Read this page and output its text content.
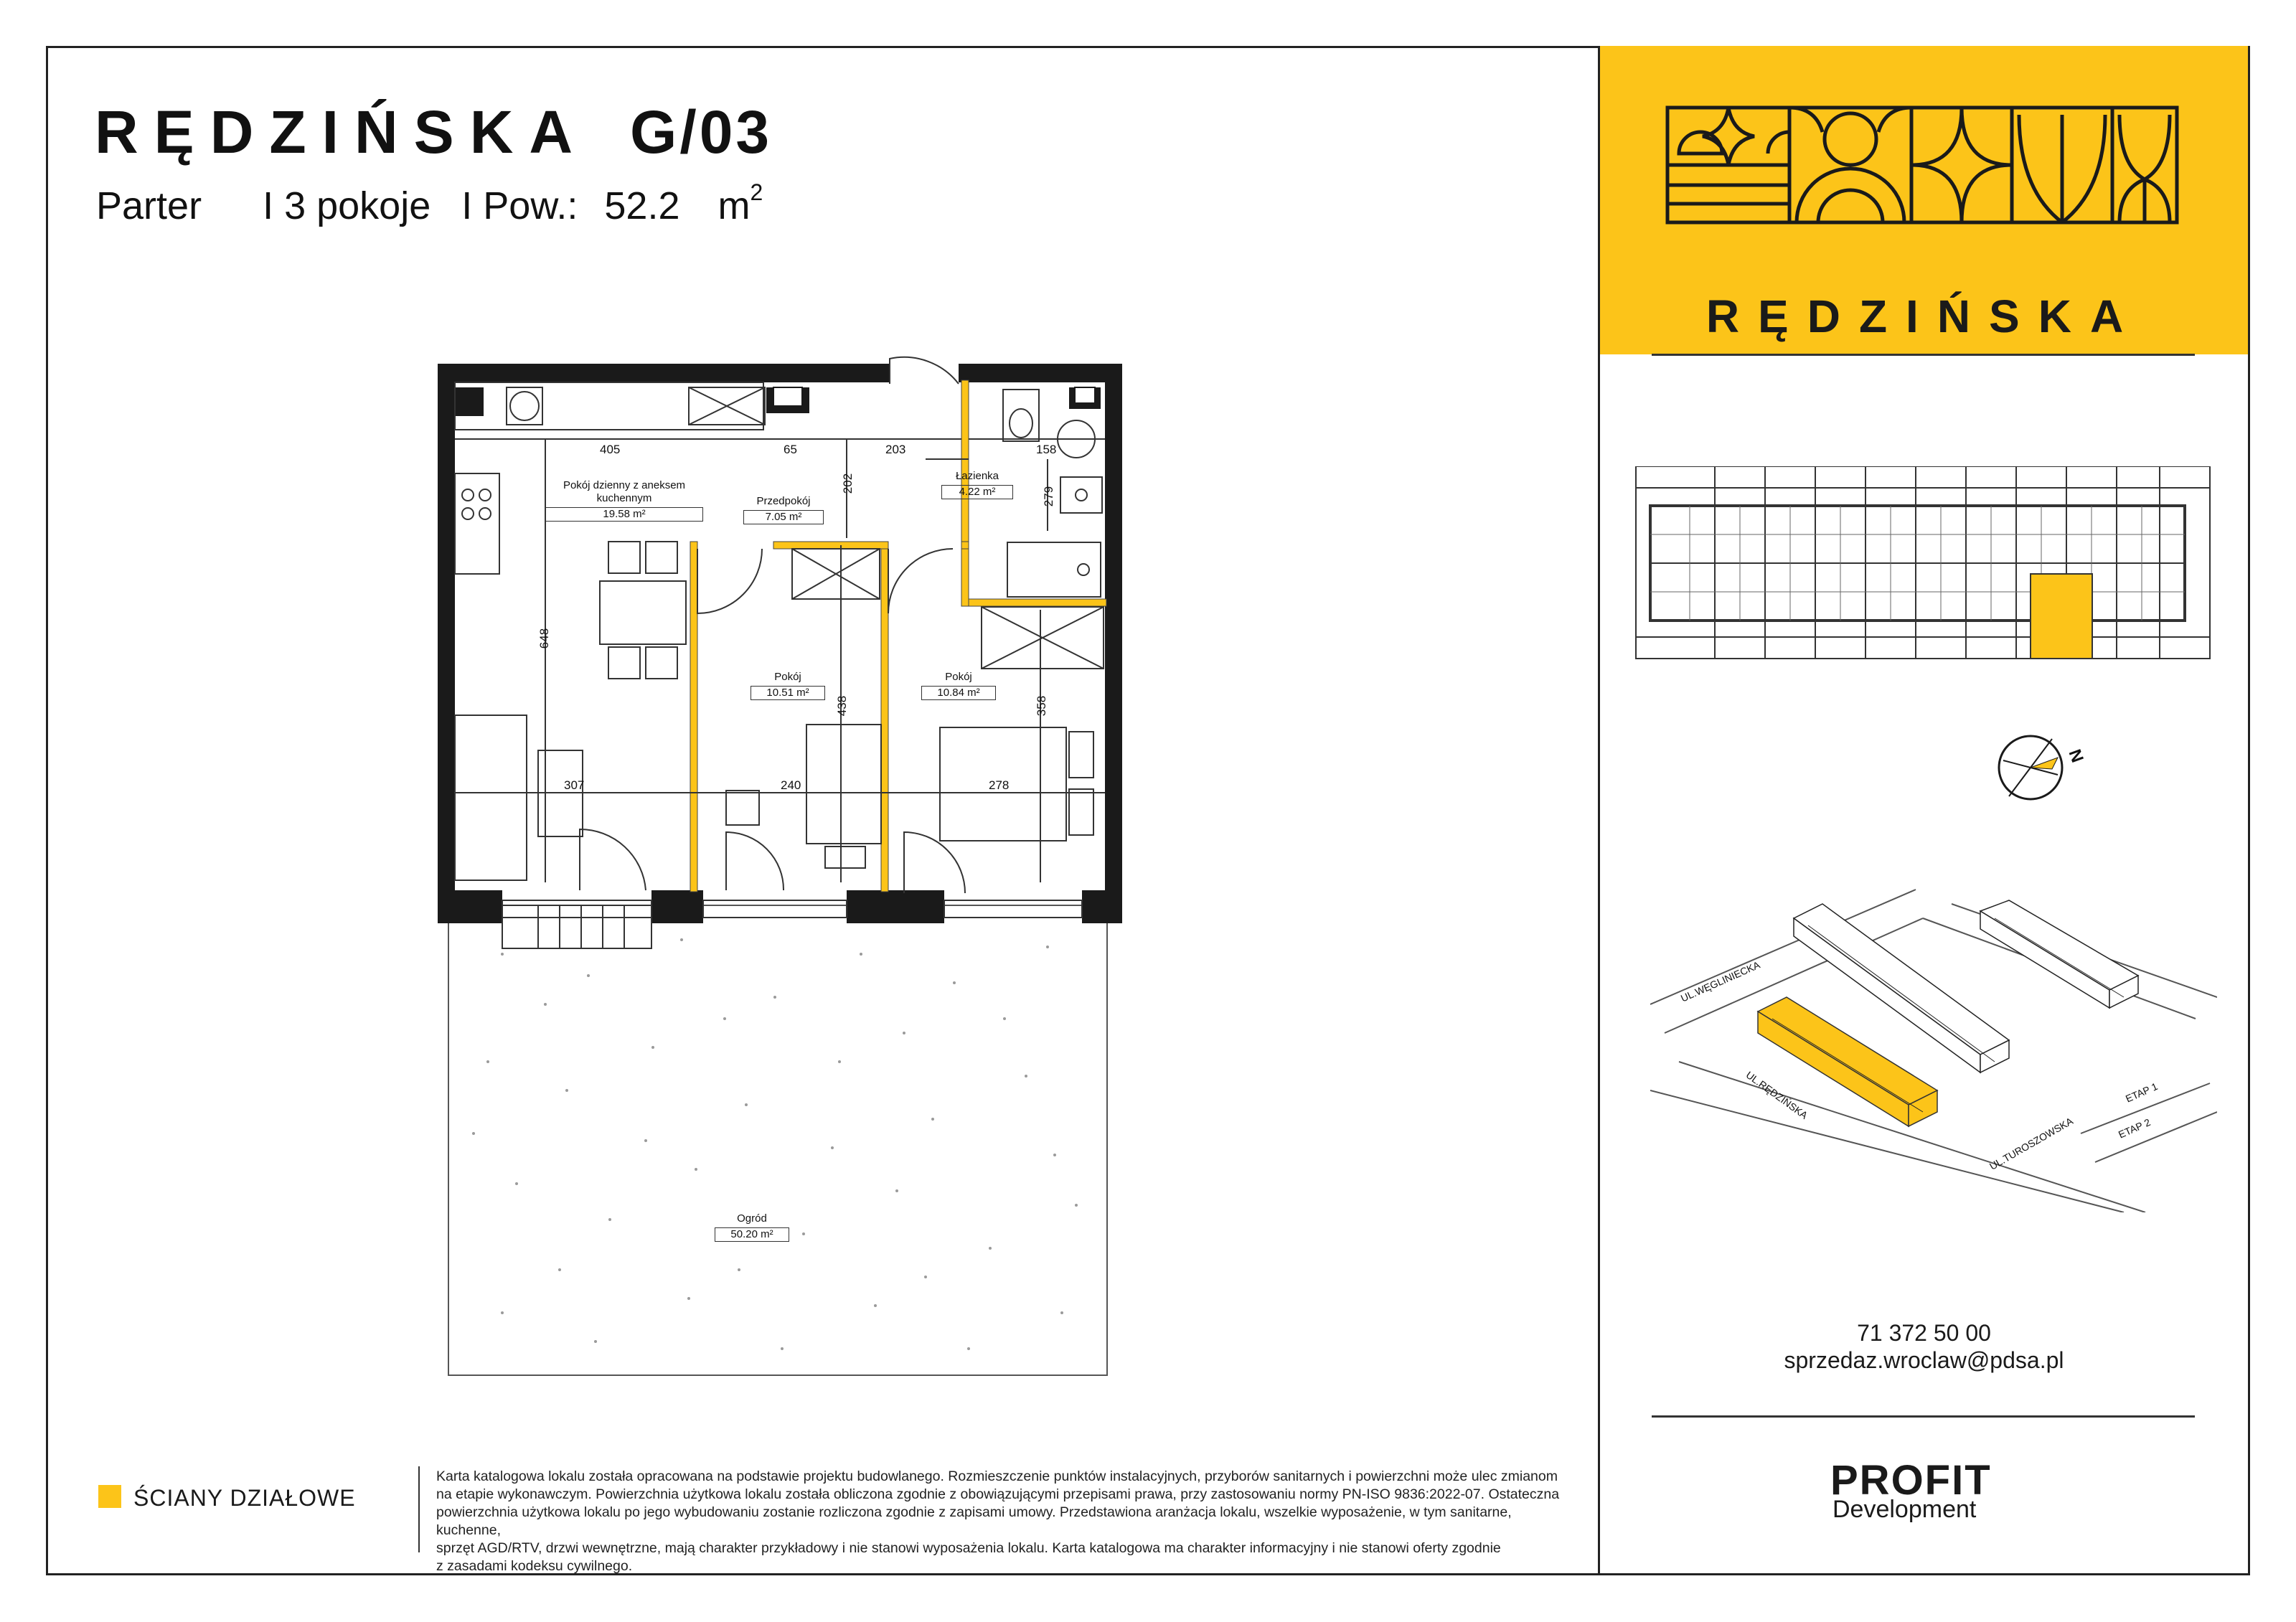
RĘDZIŃSKA G/03
Parter I 3 pokoje I Pow.: 52.2 $m^2$
RĘDZIŃSKA
Pokój dzienny z aneksem
kuchennym
19.58 m²
Przedpokój
7.05 m²
Łazienka
4.22 m²
Pokój
10.51 m²
Pokój
10.84 m²
Ogród
50.20 m²
405	65	203	158
202
279
648
438	358
307	240	278
N
UL.WĘGLINIECKA
UL.RĘDZIŃSKA
UL.TUROSZOWSKA
ETAP 1
ETAP 2
71 372 50 00
sprzedaz.wroclaw@pdsa.pl
PROFIT
Development
ŚCIANY DZIAŁOWE
Karta katalogowa lokalu została opracowana na podstawie projektu budowlanego. Rozmieszczenie punktów instalacyjnych, przyborów sanitarnych i powierzchni może ulec zmianom
na etapie wykonawczym. Powierzchnia użytkowa lokalu została obliczona zgodnie z obowiązującymi przepisami prawa, przy zastosowaniu normy PN-ISO 9836:2022-07. Ostateczna
powierzchnia użytkowa lokalu po jego wybudowaniu zostanie rozliczona zgodnie z zapisami umowy. Przedstawiona aranżacja lokalu, wszelkie wyposażenie, w tym sanitarne, kuchenne,
sprzęt AGD/RTV, drzwi wewnętrzne, mają charakter przykładowy i nie stanowi wyposażenia lokalu. Karta katalogowa ma charakter informacyjny i nie stanowi oferty zgodnie
z zasadami kodeksu cywilnego.
